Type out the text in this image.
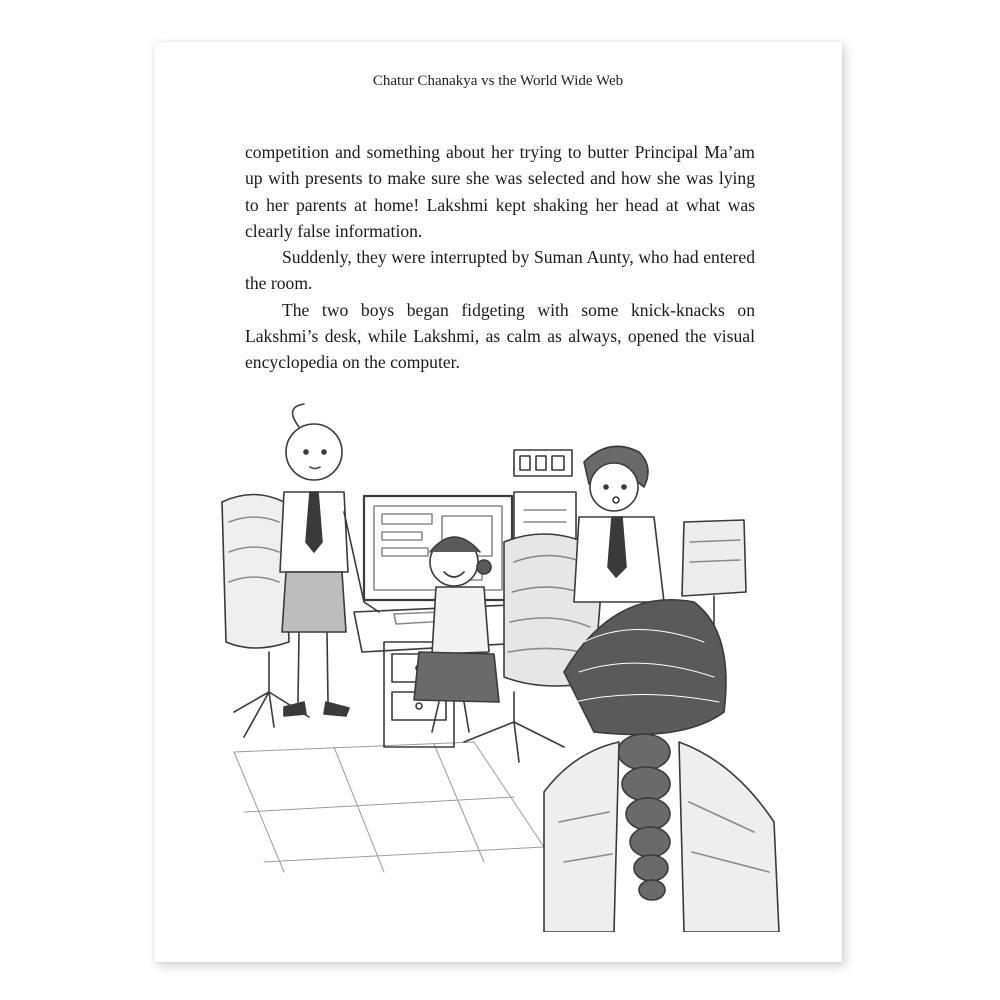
Chatur Chanakya vs the World Wide Web

competition and something about her trying to butter Principal Ma’am up with presents to make sure she was selected and how she was lying to her parents at home! Lakshmi kept shaking her head at what was clearly false information.

Suddenly, they were interrupted by Suman Aunty, who had entered the room.

The two boys began fidgeting with some knick-knacks on Lakshmi’s desk, while Lakshmi, as calm as always, opened the visual encyclopedia on the computer.
